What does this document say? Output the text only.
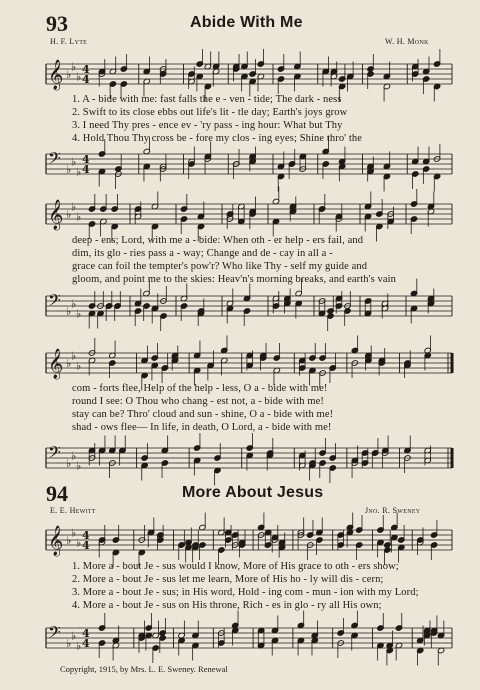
93	Abide With Me
H. F. Lyte	W. H. Monk
𝄞 ♭
♭
♭
4
4
1. A - bide with me: fast falls the e - ven - tide; The dark - ness
2. Swift to its close ebbs out life's lit - tle day; Earth's joys grow
3. I need Thy pres - ence ev - 'ry pass - ing hour: What but Thy
4. Hold Thou Thy cross be - fore my clos - ing eyes; Shine thro' the
𝄢 ♭
♭
♭
4
4
𝄞 ♭
♭
♭
deep - ens; Lord, with me a - bide: When oth - er help - ers fail, and
dim, its glo - ries pass a - way; Change and de - cay in all a -
grace can foil the tempter's pow'r? Who like Thy - self my guide and
gloom, and point me to the skies: Heav'n's morning breaks, and earth's vain
𝄢 ♭
♭
♭
𝄞 ♭
♭
♭
com - forts flee, Help of the help - less, O a - bide with me!
round I see: O Thou who chang - est not, a - bide with me!
stay can be? Thro' cloud and sun - shine, O a - bide with me!
shad - ows flee— In life, in death, O Lord, a - bide with me!
𝄢 ♭
♭
♭
94	More About Jesus
E. E. Hewitt	Jno. R. Sweney
𝄞 ♭
♭
♭
4
4
1. More a - bout Je - sus would I know, More of His grace to oth - ers show;
2. More a - bout Je - sus let me learn, More of His ho - ly will dis - cern;
3. More a - bout Je - sus; in His word, Hold - ing com - mun - ion with my Lord;
4. More a - bout Je - sus on His throne, Rich - es in glo - ry all His own;
𝄢 ♭
♭
♭
4
4
Copyright, 1915, by Mrs. L. E. Sweney. Renewal
